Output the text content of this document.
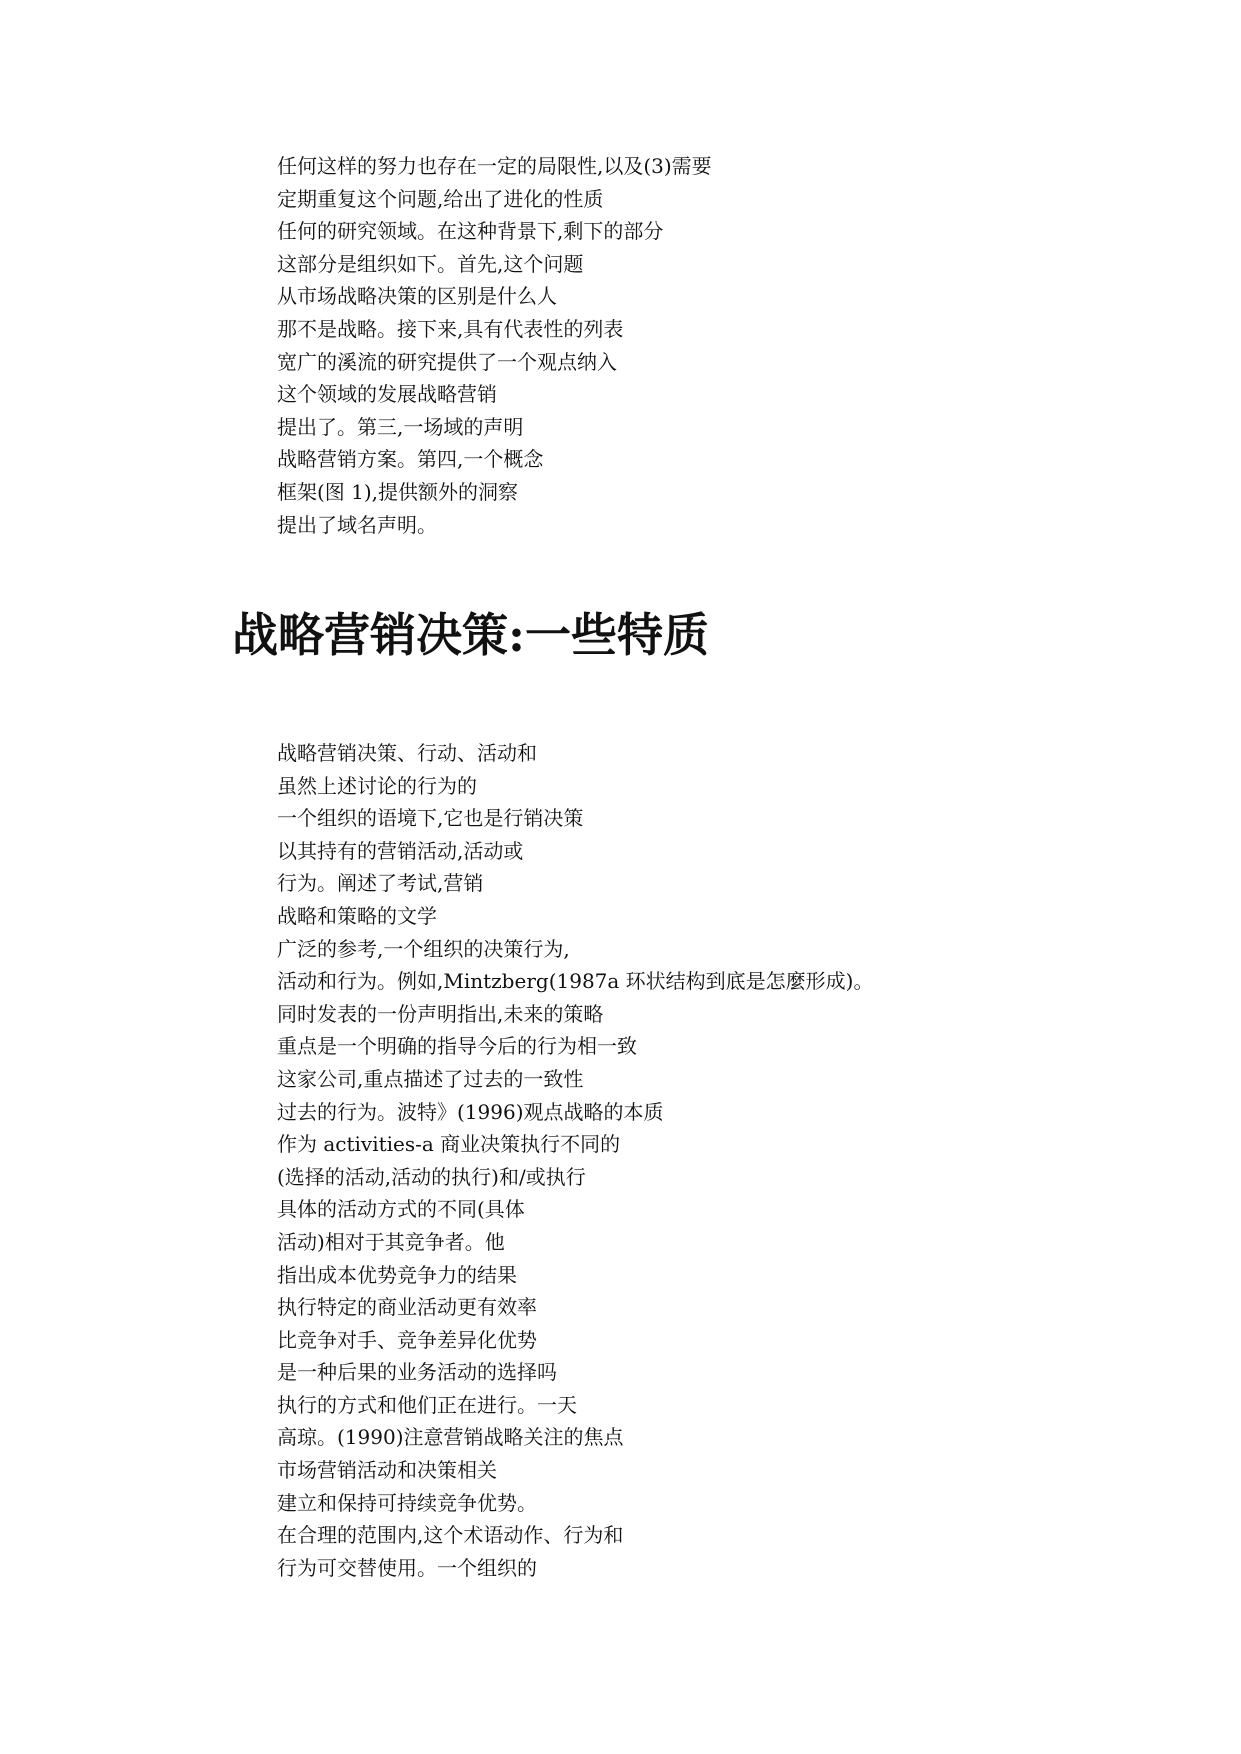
任何这样的努力也存在一定的局限性,以及(3)需要
定期重复这个问题,给出了进化的性质
任何的研究领域。在这种背景下,剩下的部分
这部分是组织如下。首先,这个问题
从市场战略决策的区别是什么人
那不是战略。接下来,具有代表性的列表
宽广的溪流的研究提供了一个观点纳入
这个领域的发展战略营销
提出了。第三,一场域的声明
战略营销方案。第四,一个概念
框架(图 1),提供额外的洞察
提出了域名声明。
战略营销决策:一些特质
战略营销决策、行动、活动和
虽然上述讨论的行为的
一个组织的语境下,它也是行销决策
以其持有的营销活动,活动或
行为。阐述了考试,营销
战略和策略的文学
广泛的参考,一个组织的决策行为,
活动和行为。例如,Mintzberg(1987a 环状结构到底是怎麼形成)。
同时发表的一份声明指出,未来的策略
重点是一个明确的指导今后的行为相一致
这家公司,重点描述了过去的一致性
过去的行为。波特》(1996)观点战略的本质
作为 activities-a 商业决策执行不同的
(选择的活动,活动的执行)和/或执行
具体的活动方式的不同(具体
活动)相对于其竞争者。他
指出成本优势竞争力的结果
执行特定的商业活动更有效率
比竞争对手、竞争差异化优势
是一种后果的业务活动的选择吗
执行的方式和他们正在进行。一天
高琼。(1990)注意营销战略关注的焦点
市场营销活动和决策相关
建立和保持可持续竞争优势。
在合理的范围内,这个术语动作、行为和
行为可交替使用。一个组织的
